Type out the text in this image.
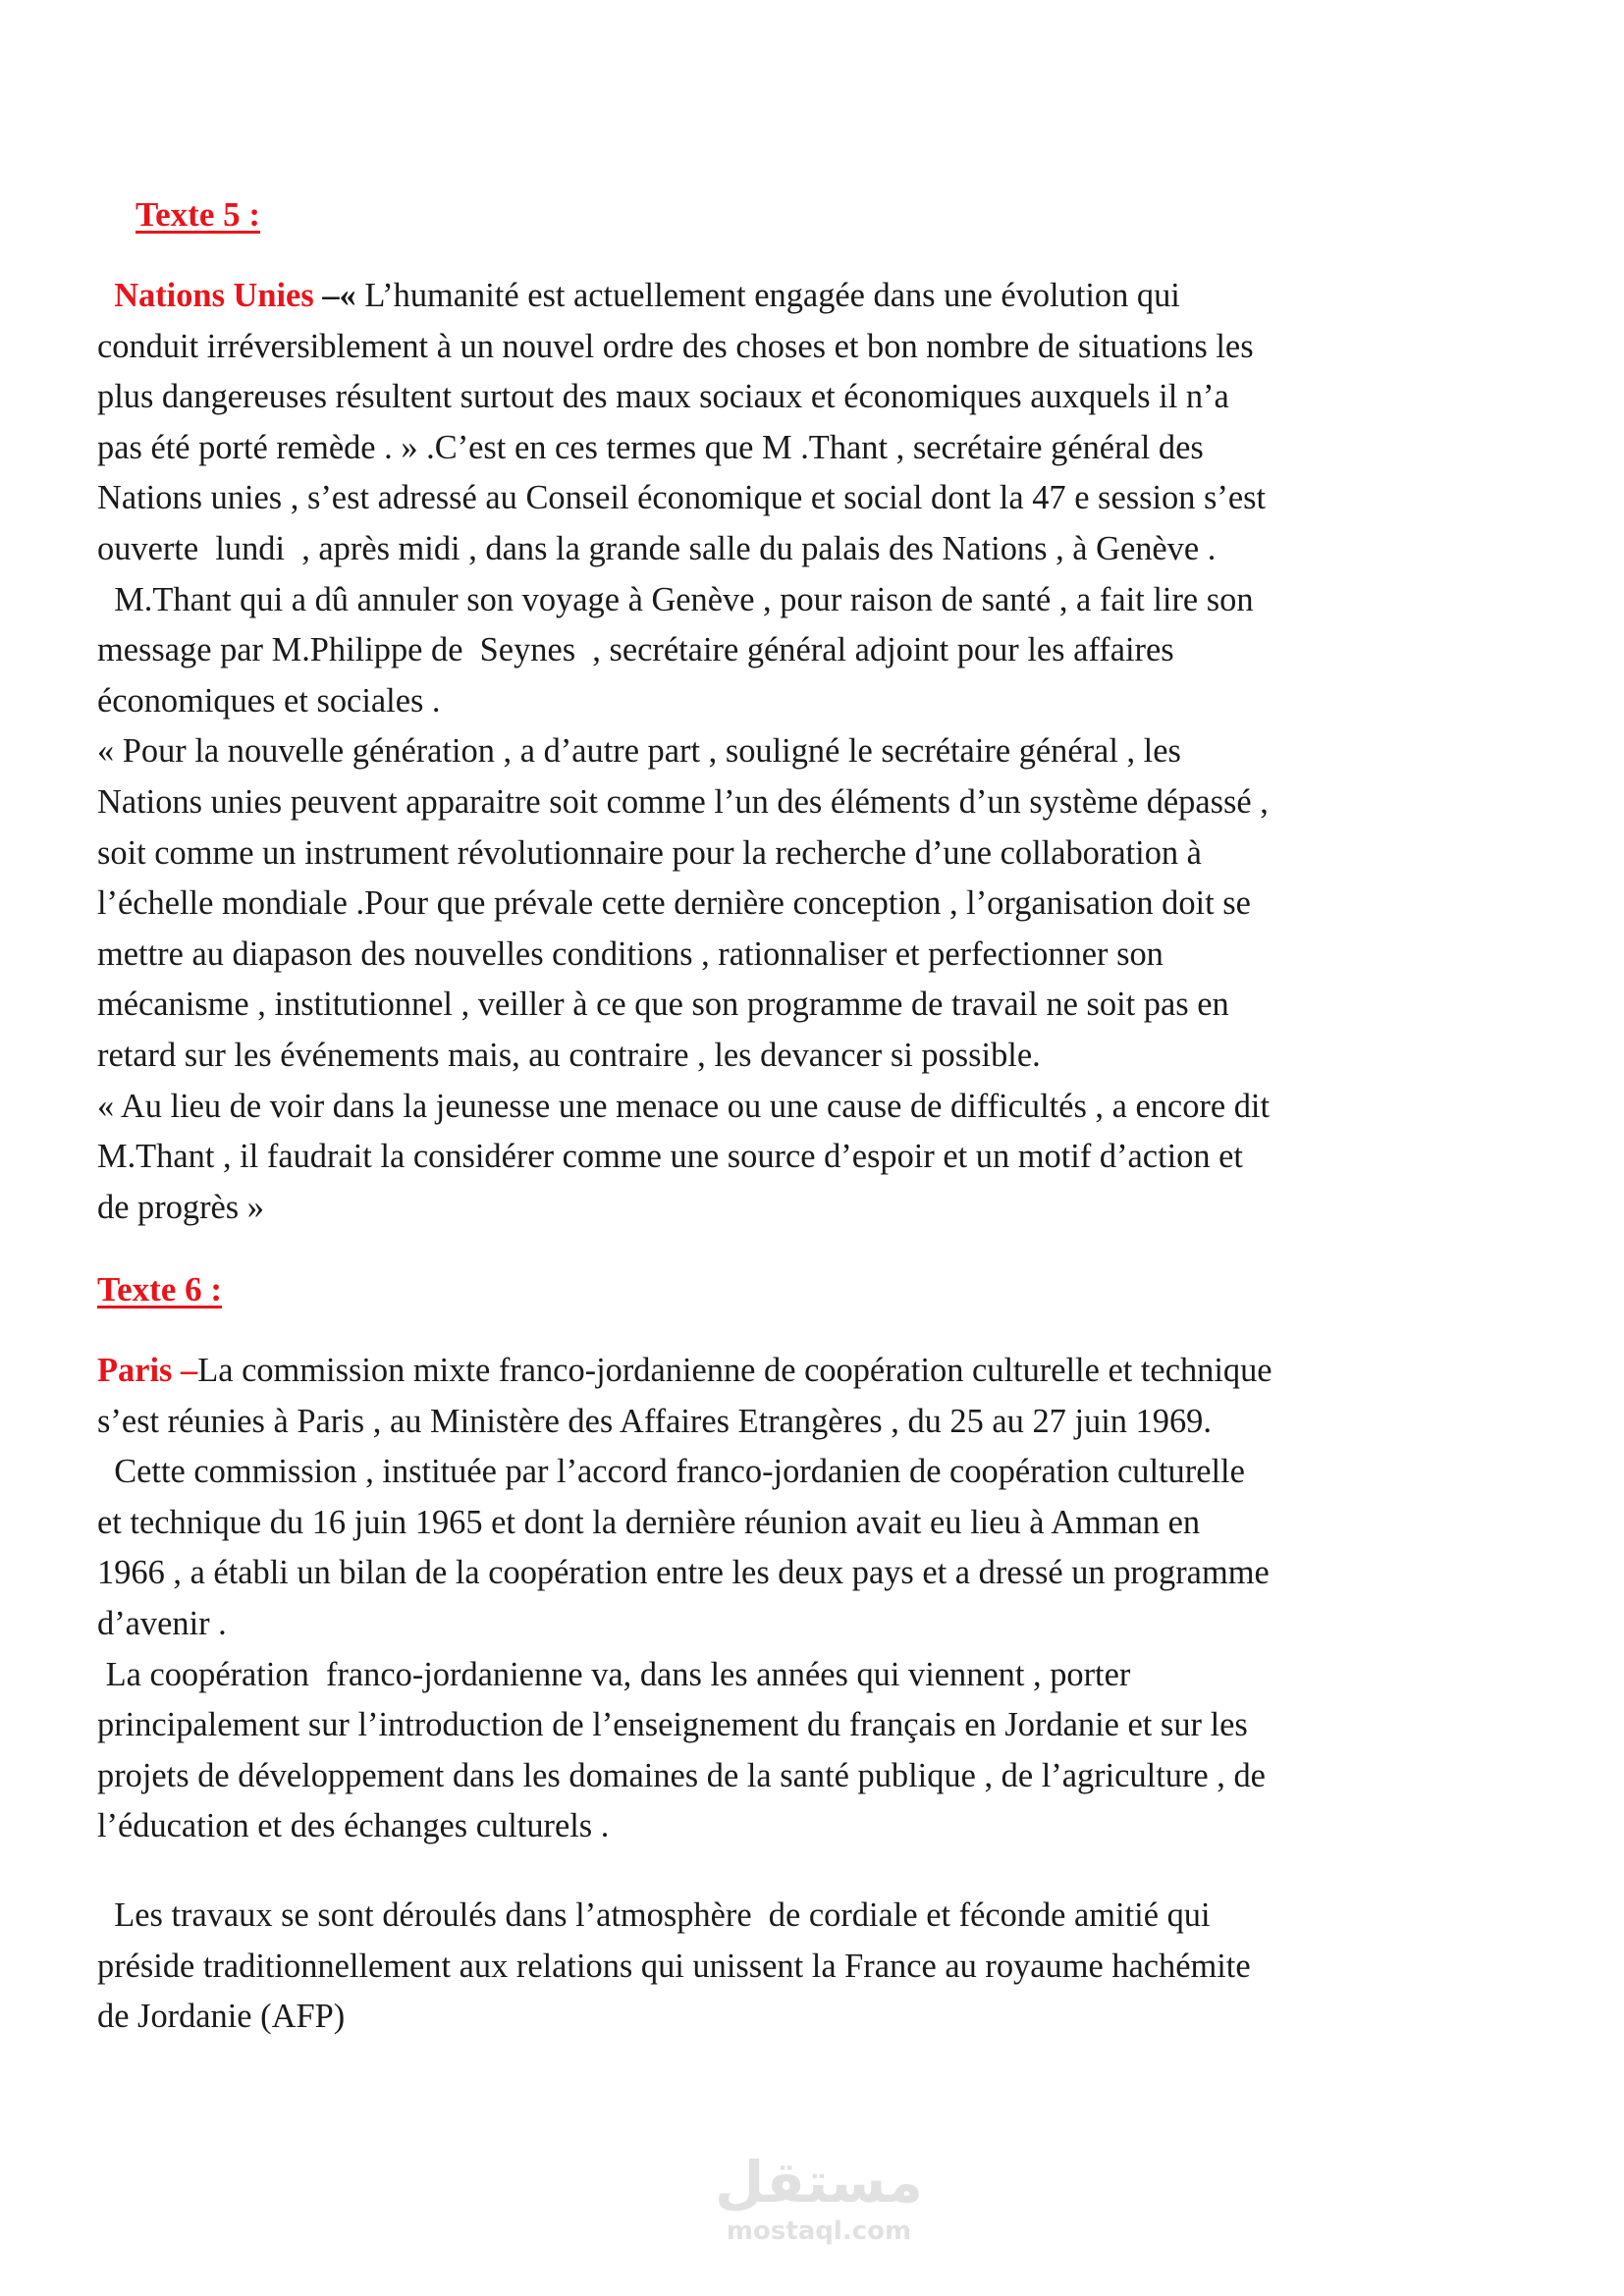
Texte 5 :
Nations Unies –« L’humanité est actuellement engagée dans une évolution qui
conduit irréversiblement à un nouvel ordre des choses et bon nombre de situations les
plus dangereuses résultent surtout des maux sociaux et économiques auxquels il n’a
pas été porté remède . » .C’est en ces termes que M .Thant , secrétaire général des
Nations unies , s’est adressé au Conseil économique et social dont la 47 e session s’est
ouverte  lundi  , après midi , dans la grande salle du palais des Nations , à Genève .
M.Thant qui a dû annuler son voyage à Genève , pour raison de santé , a fait lire son
message par M.Philippe de  Seynes  , secrétaire général adjoint pour les affaires
économiques et sociales .
« Pour la nouvelle génération , a d’autre part , souligné le secrétaire général , les
Nations unies peuvent apparaitre soit comme l’un des éléments d’un système dépassé ,
soit comme un instrument révolutionnaire pour la recherche d’une collaboration à
l’échelle mondiale .Pour que prévale cette dernière conception , l’organisation doit se
mettre au diapason des nouvelles conditions , rationnaliser et perfectionner son
mécanisme , institutionnel , veiller à ce que son programme de travail ne soit pas en
retard sur les événements mais, au contraire , les devancer si possible.
« Au lieu de voir dans la jeunesse une menace ou une cause de difficultés , a encore dit
M.Thant , il faudrait la considérer comme une source d’espoir et un motif d’action et
de progrès »
Texte 6 :
Paris –La commission mixte franco-jordanienne de coopération culturelle et technique
s’est réunies à Paris , au Ministère des Affaires Etrangères , du 25 au 27 juin 1969.
Cette commission , instituée par l’accord franco-jordanien de coopération culturelle
et technique du 16 juin 1965 et dont la dernière réunion avait eu lieu à Amman en
1966 , a établi un bilan de la coopération entre les deux pays et a dressé un programme
d’avenir .
La coopération  franco-jordanienne va, dans les années qui viennent , porter
principalement sur l’introduction de l’enseignement du français en Jordanie et sur les
projets de développement dans les domaines de la santé publique , de l’agriculture , de
l’éducation et des échanges culturels .
Les travaux se sont déroulés dans l’atmosphère  de cordiale et féconde amitié qui
préside traditionnellement aux relations qui unissent la France au royaume hachémite
de Jordanie (AFP)
مستقل
mostaql.com
